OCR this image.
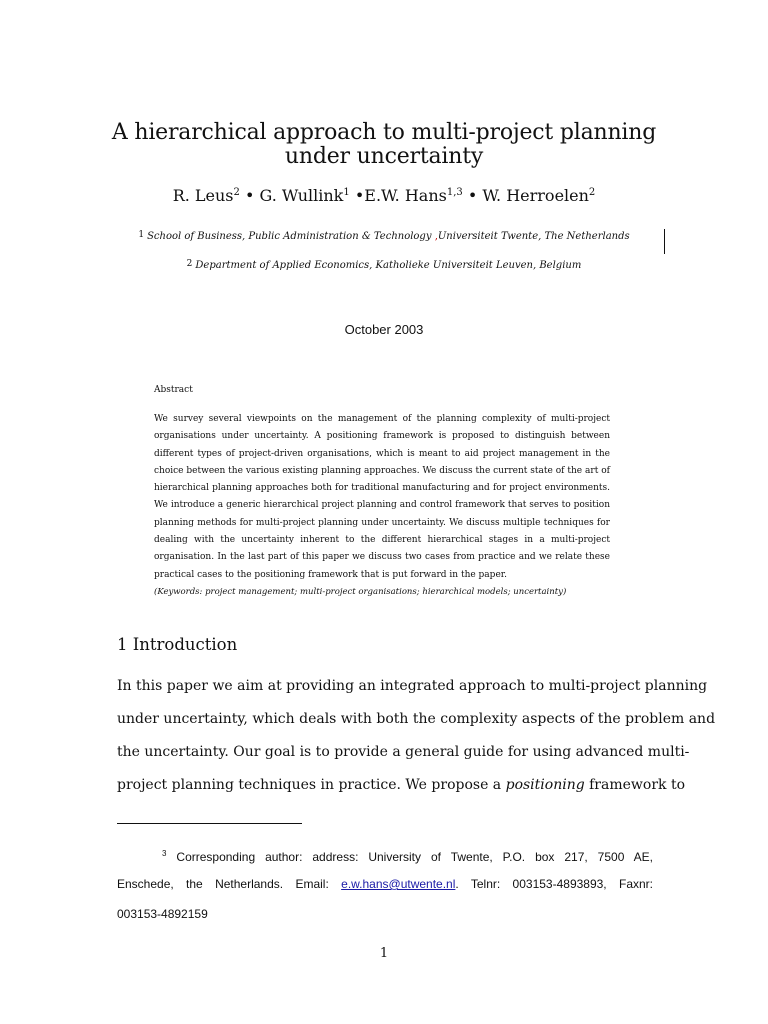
A hierarchical approach to multi-project planning
under uncertainty
R. Leus$^2$ • G. Wullink$^1$ •E.W. Hans$^{1,3}$ • W. Herroelen$^2$
1 School of Business, Public Administration & Technology ,Universiteit Twente, The Netherlands
2 Department of Applied Economics, Katholieke Universiteit Leuven, Belgium
October 2003
Abstract
We survey several viewpoints on the management of the planning complexity of multi-project
organisations under uncertainty. A positioning framework is proposed to distinguish between
different types of project-driven organisations, which is meant to aid project management in the
choice between the various existing planning approaches. We discuss the current state of the art of
hierarchical planning approaches both for traditional manufacturing and for project environments.
We introduce a generic hierarchical project planning and control framework that serves to position
planning methods for multi-project planning under uncertainty. We discuss multiple techniques for
dealing with the uncertainty inherent to the different hierarchical stages in a multi-project
organisation. In the last part of this paper we discuss two cases from practice and we relate these
practical cases to the positioning framework that is put forward in the paper.
(Keywords: project management; multi-project organisations; hierarchical models; uncertainty)
1 Introduction
In this paper we aim at providing an integrated approach to multi-project planning
under uncertainty, which deals with both the complexity aspects of the problem and
the uncertainty. Our goal is to provide a general guide for using advanced multi-
project planning techniques in practice. We propose a positioning framework to
$^3$ Corresponding author: address: University of Twente, P.O. box 217, 7500 AE,
Enschede, the Netherlands. Email: e.w.hans@utwente.nl. Telnr: 003153-4893893, Faxnr:
003153-4892159
1
